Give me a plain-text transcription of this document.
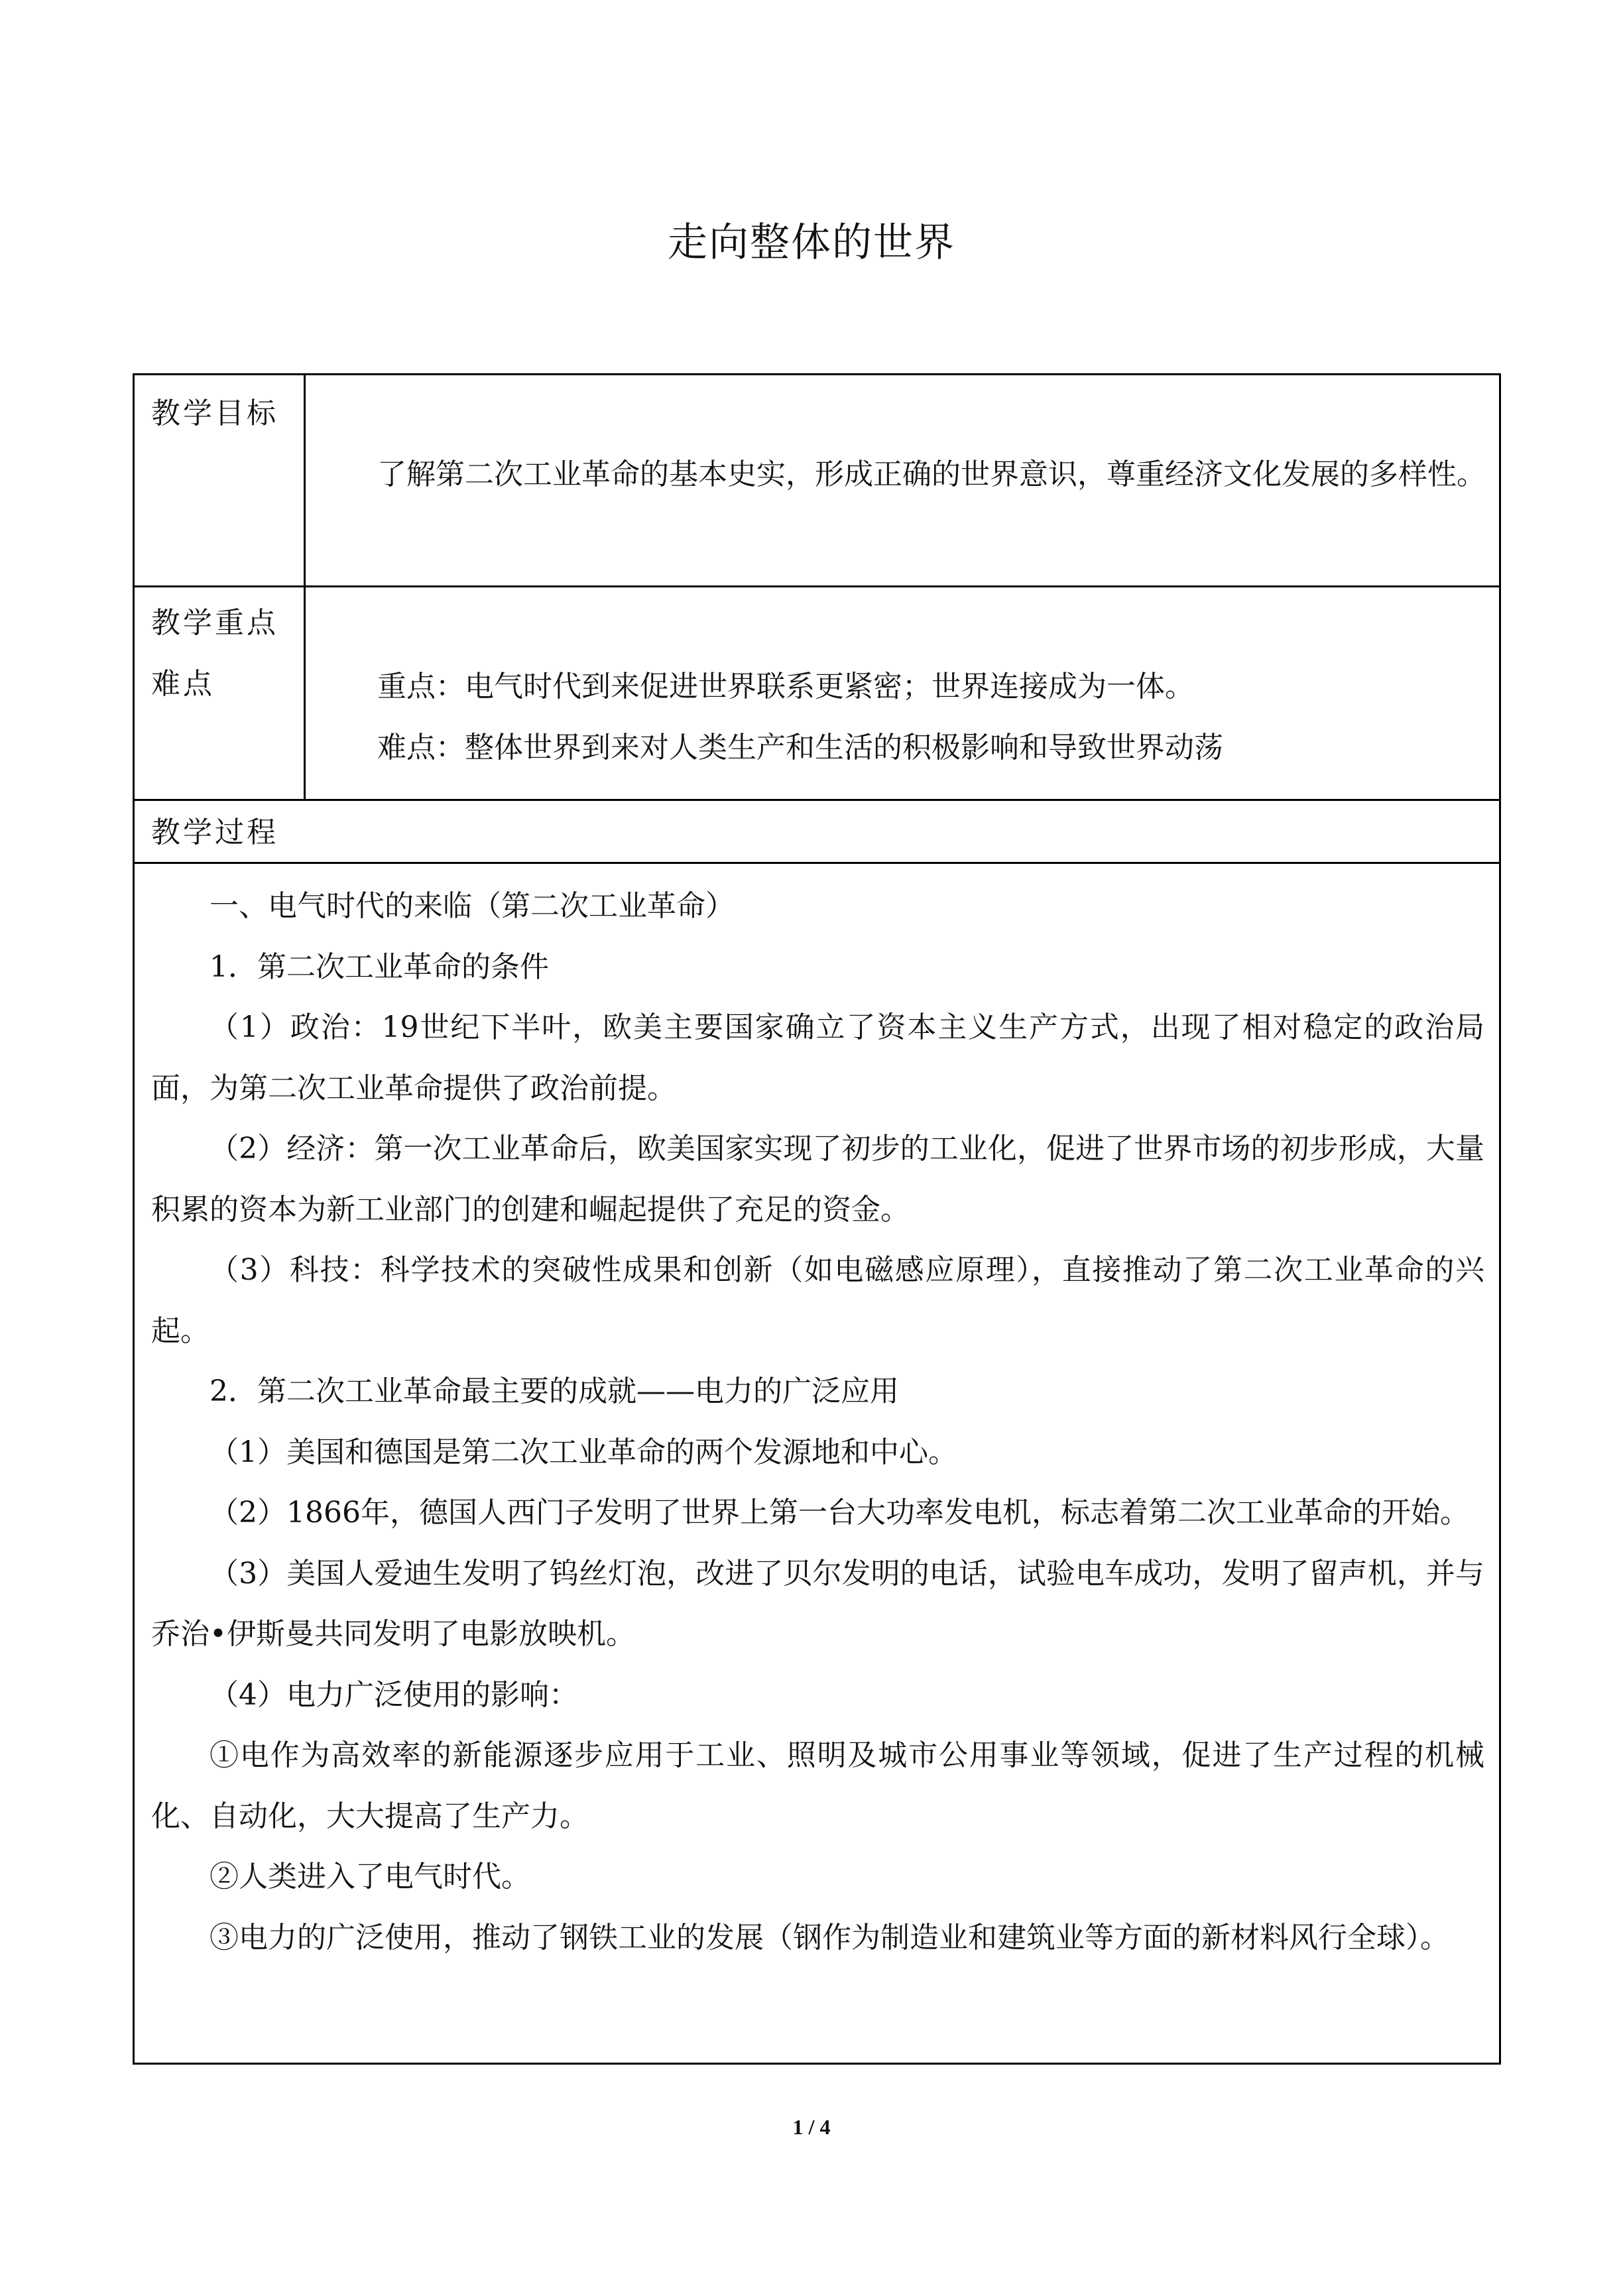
走向整体的世界
教学目标
了解第二次工业革命的基本史实，形成正确的世界意识，尊重经济文化发展的多样性。
教学重点难点	重点：电气时代到来促进世界联系更紧密；世界连接成为一体。
难点：整体世界到来对人类生产和生活的积极影响和导致世界动荡
教学过程

一、电气时代的来临（第二次工业革命）

1．第二次工业革命的条件

（1）政治：19世纪下半叶，欧美主要国家确立了资本主义生产方式，出现了相对稳定的政治局面，为第二次工业革命提供了政治前提。

（2）经济：第一次工业革命后，欧美国家实现了初步的工业化，促进了世界市场的初步形成，大量积累的资本为新工业部门的创建和崛起提供了充足的资金。

（3）科技：科学技术的突破性成果和创新（如电磁感应原理），直接推动了第二次工业革命的兴起。

2．第二次工业革命最主要的成就——电力的广泛应用

（1）美国和德国是第二次工业革命的两个发源地和中心。

（2）1866年，德国人西门子发明了世界上第一台大功率发电机，标志着第二次工业革命的开始。

（3）美国人爱迪生发明了钨丝灯泡，改进了贝尔发明的电话，试验电车成功，发明了留声机，并与乔治•伊斯曼共同发明了电影放映机。

（4）电力广泛使用的影响：

①电作为高效率的新能源逐步应用于工业、照明及城市公用事业等领域，促进了生产过程的机械化、自动化，大大提高了生产力。

②人类进入了电气时代。

③电力的广泛使用，推动了钢铁工业的发展（钢作为制造业和建筑业等方面的新材料风行全球）。

1 / 4
